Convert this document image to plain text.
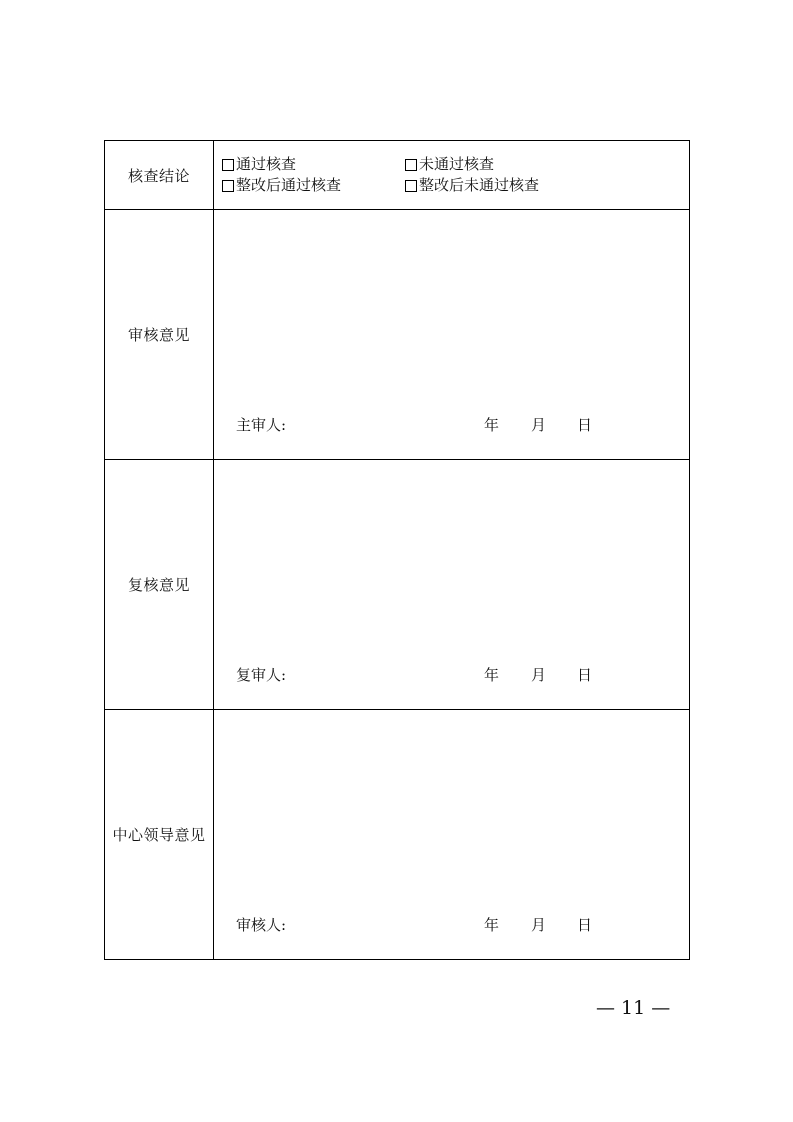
核查结论	通过核查 未通过核查
整改后通过核查 整改后未通过核查

审核意见	主审人: 年 月 日

复核意见	复审人: 年 月 日

中心领导意见	审核人: 年 月 日
— 11 —
